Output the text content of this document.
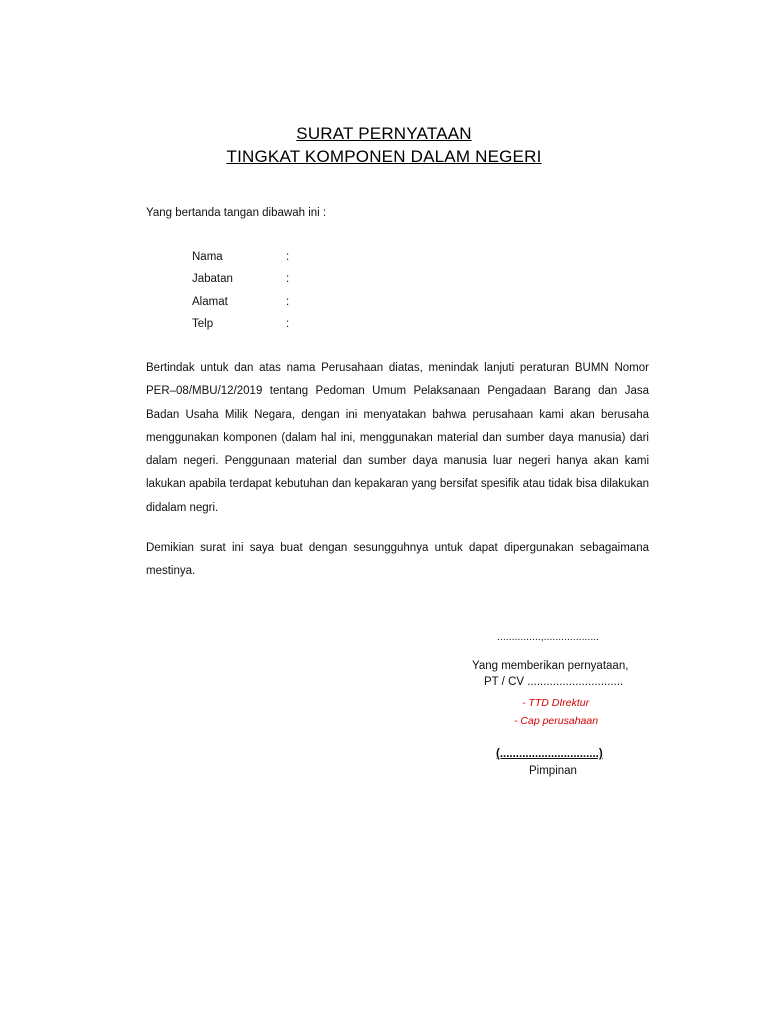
SURAT PERNYATAAN
TINGKAT KOMPONEN DALAM NEGERI
Yang bertanda tangan dibawah ini :
Nama	:
Jabatan	:
Alamat	:
Telp	:

Bertindak untuk dan atas nama Perusahaan diatas, menindak lanjuti peraturan BUMN Nomor PER–08/MBU/12/2019 tentang Pedoman Umum Pelaksanaan Pengadaan Barang dan Jasa Badan Usaha Milik Negara, dengan ini menyatakan bahwa perusahaan kami akan berusaha menggunakan komponen (dalam hal ini, menggunakan material dan sumber daya manusia) dari dalam negeri. Penggunaan material dan sumber daya manusia luar negeri hanya akan kami lakukan apabila terdapat kebutuhan dan kepakaran yang bersifat spesifik atau tidak bisa dilakukan didalam negri.

Demikian surat ini saya buat dengan sesungguhnya untuk dapat dipergunakan sebagaimana mestinya.

...............,...................
Yang memberikan pernyataan,
PT / CV ..............................
- TTD DIrektur
- Cap perusahaan
(...............................)
Pimpinan
